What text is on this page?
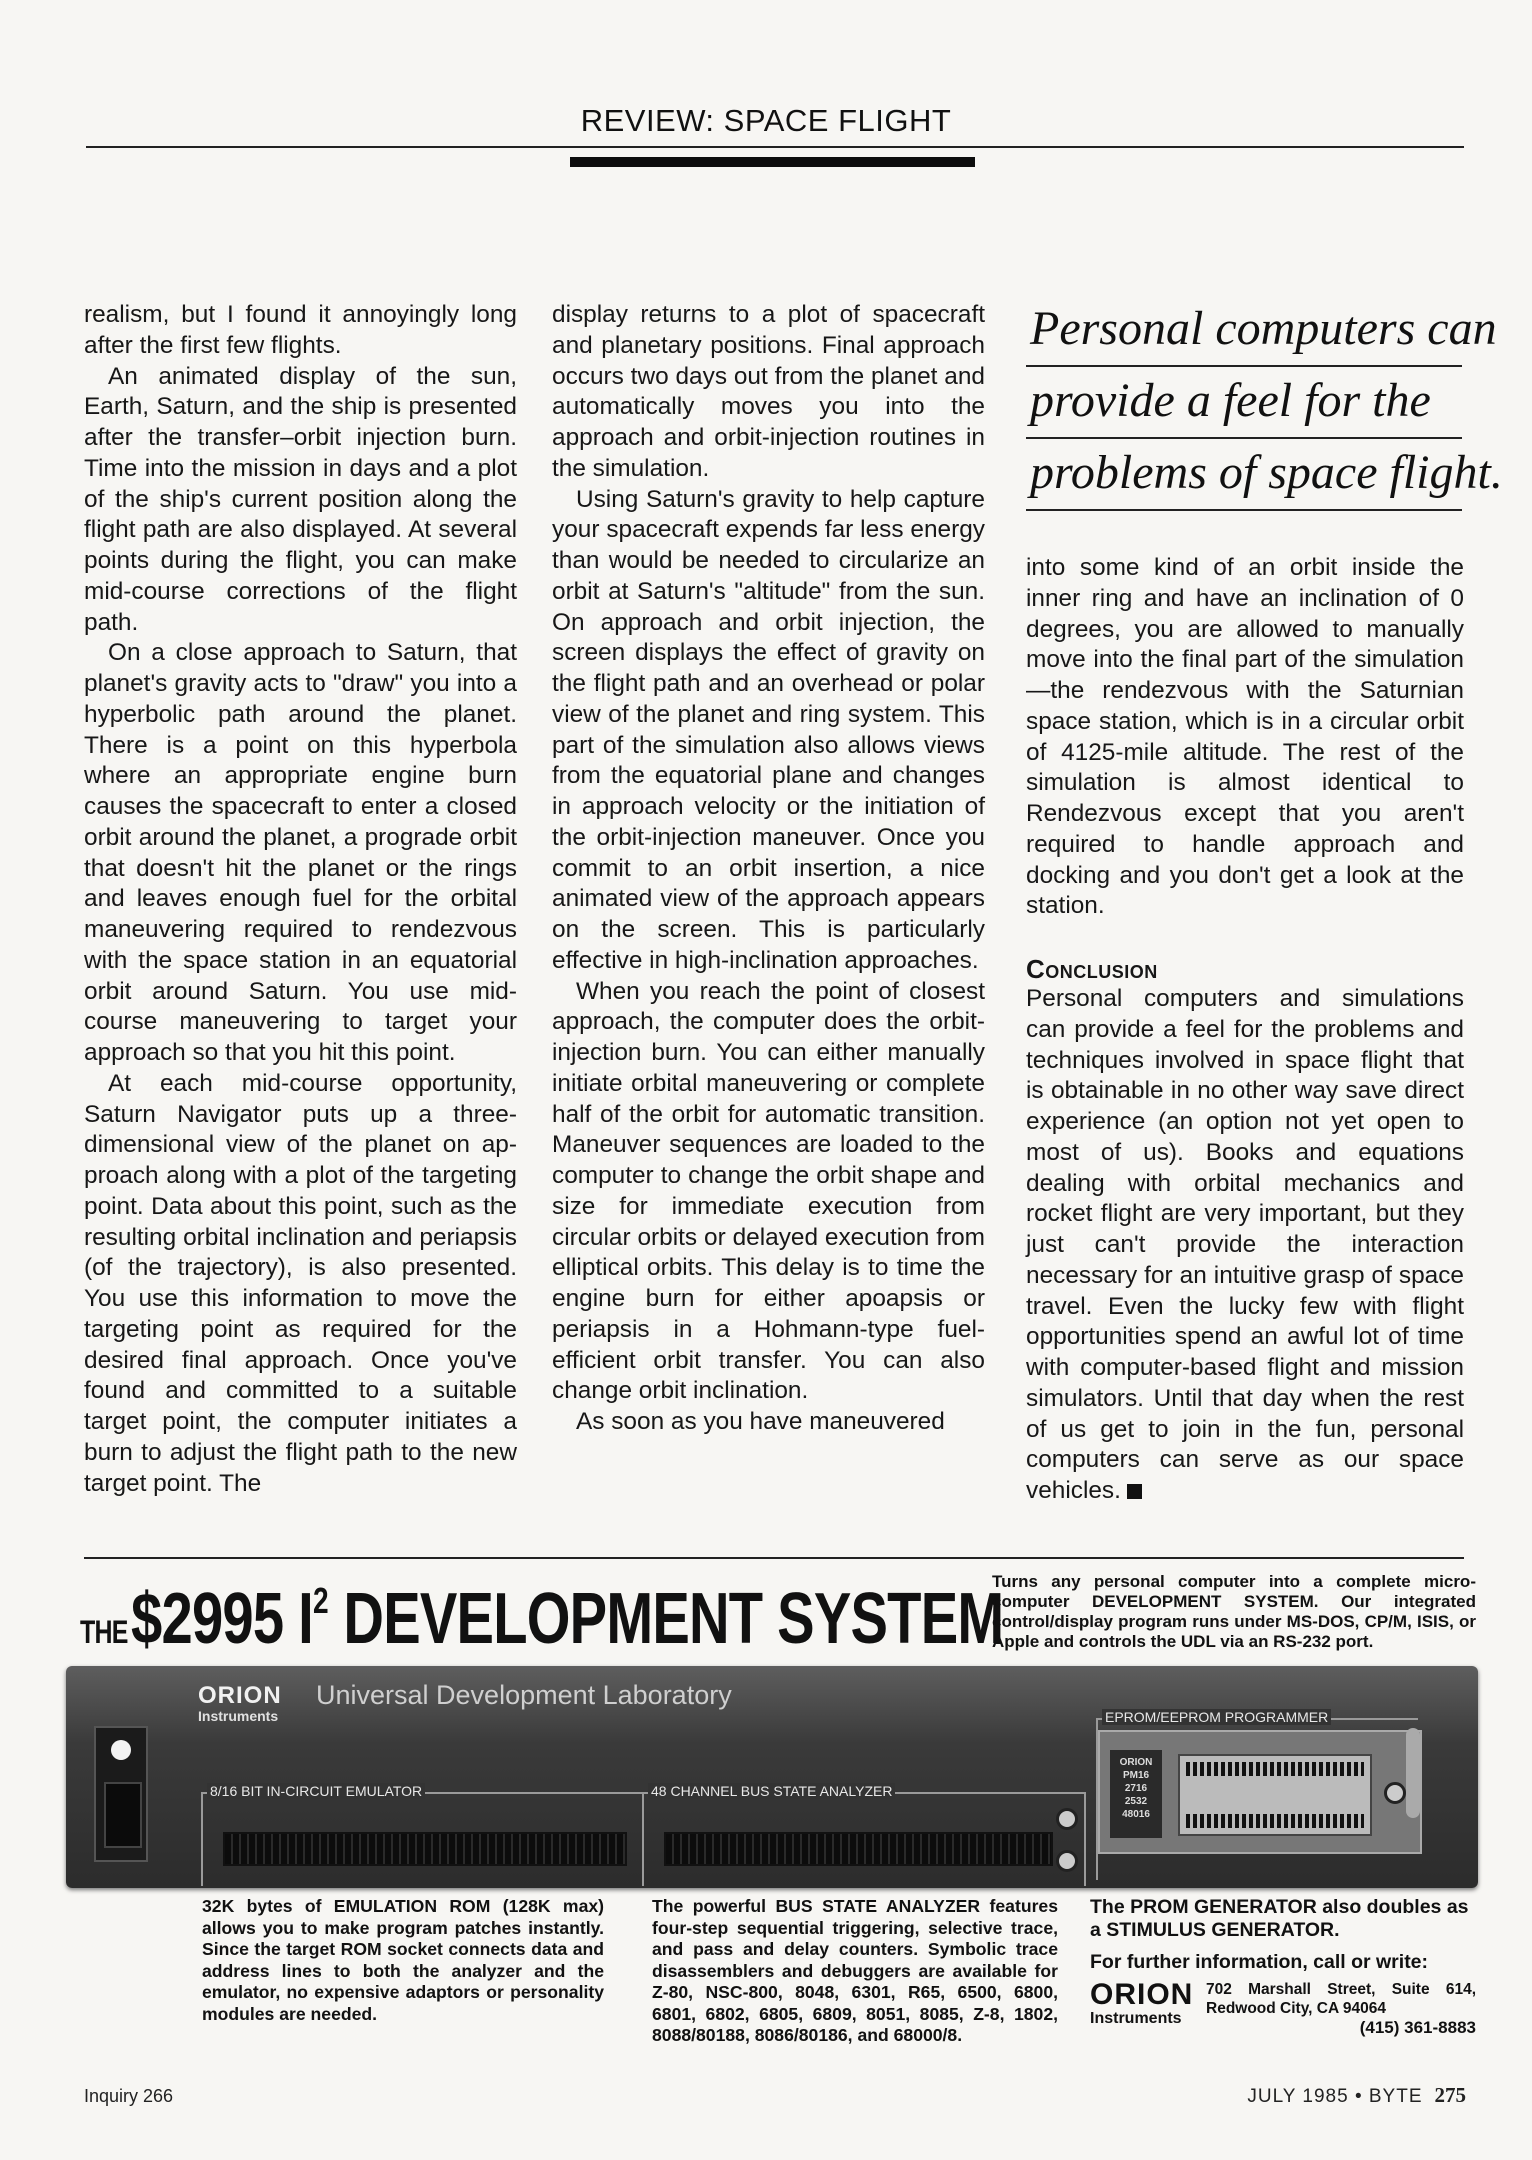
REVIEW: SPACE FLIGHT

realism, but I found it annoyingly long after the first few flights.

An animated display of the sun, Earth, Saturn, and the ship is presented after the transfer–orbit injection burn. Time into the mission in days and a plot of the ship's current position along the flight path are also displayed. At several points during the flight, you can make mid-course corrections of the flight path.

On a close approach to Saturn, that planet's gravity acts to "draw" you into a hyperbolic path around the planet. There is a point on this hyperbola where an appropriate engine burn causes the spacecraft to enter a closed orbit around the planet, a prograde orbit that doesn't hit the planet or the rings and leaves enough fuel for the orbital maneuvering required to rendezvous with the space station in an equatorial orbit around Saturn. You use mid-course maneuvering to target your approach so that you hit this point.

At each mid-course opportunity, Saturn Navigator puts up a three-dimensional view of the planet on approach along with a plot of the targeting point. Data about this point, such as the resulting orbital inclination and periapsis (of the trajectory), is also presented. You use this information to move the targeting point as required for the desired final approach. Once you've found and committed to a suitable target point, the computer initiates a burn to adjust the flight path to the new target point. The

display returns to a plot of spacecraft and planetary positions. Final approach occurs two days out from the planet and automatically moves you into the approach and orbit-injection routines in the simulation.

Using Saturn's gravity to help capture your spacecraft expends far less energy than would be needed to circularize an orbit at Saturn's "altitude" from the sun. On approach and orbit injection, the screen displays the effect of gravity on the flight path and an overhead or polar view of the planet and ring system. This part of the simulation also allows views from the equatorial plane and changes in approach velocity or the initiation of the orbit-injection maneuver. Once you commit to an orbit insertion, a nice animated view of the approach appears on the screen. This is particularly effective in high-inclination approaches.

When you reach the point of closest approach, the computer does the orbit-injection burn. You can either manually initiate orbital maneuvering or complete half of the orbit for automatic transition. Maneuver sequences are loaded to the computer to change the orbit shape and size for immediate execution from circular orbits or delayed execution from elliptical orbits. This delay is to time the engine burn for either apoapsis or periapsis in a Hohmann-type fuel-efficient orbit transfer. You can also change orbit inclination.

As soon as you have maneuvered

Personal computers can
provide a feel for the
problems of space flight.

into some kind of an orbit inside the inner ring and have an inclination of 0 degrees, you are allowed to manually move into the final part of the simulation—the rendezvous with the Saturnian space station, which is in a circular orbit of 4125-mile altitude. The rest of the simulation is almost identical to Rendezvous except that you aren't required to handle approach and docking and you don't get a look at the station.

Conclusion

Personal computers and simulations can provide a feel for the problems and techniques involved in space flight that is obtainable in no other way save direct experience (an option not yet open to most of us). Books and equations dealing with orbital mechanics and rocket flight are very important, but they just can't provide the interaction necessary for an intuitive grasp of space travel. Even the lucky few with flight opportunities spend an awful lot of time with computer-based flight and mission simulators. Until that day when the rest of us get to join in the fun, personal computers can serve as our space vehicles.

THE $2995 I2 DEVELOPMENT SYSTEM
Turns any personal computer into a complete microcomputer DEVELOPMENT SYSTEM. Our integrated control/display program runs under MS-DOS, CP/M, ISIS, or Apple and controls the UDL via an RS-232 port.
ORION
Instruments
Universal Development Laboratory
8/16 BIT IN-CIRCUIT EMULATOR	48 CHANNEL BUS STATE ANALYZER
EPROM/EEPROM PROGRAMMER
ORION
PM16
2716
2532
48016
32K bytes of EMULATION ROM (128K max) allows you to make program patches instantly. Since the target ROM socket connects data and address lines to both the analyzer and the emulator, no expensive adaptors or personality modules are needed.
The powerful BUS STATE ANALYZER features four-step sequential triggering, selective trace, and pass and delay counters. Symbolic trace disassemblers and debuggers are available for Z-80, NSC-800, 8048, 6301, R65, 6500, 6800, 6801, 6802, 6805, 6809, 8051, 8085, Z-8, 1802, 8088/80188, 8086/80186, and 68000/8.
The PROM GENERATOR also doubles as a STIMULUS GENERATOR.
For further information, call or write:
ORION
Instruments
702 Marshall Street, Suite 614, Redwood City, CA 94064
(415) 361-8883
Inquiry 266	JULY 1985 • BYTE 275
